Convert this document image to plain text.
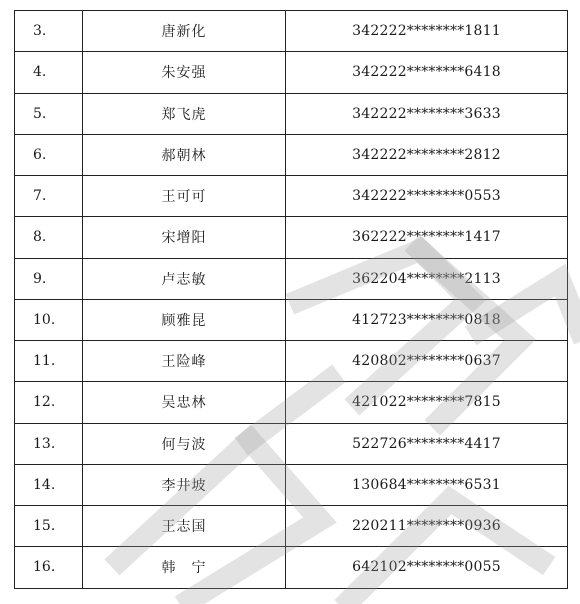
3.	唐新化	342222********1811
4.	朱安强	342222********6418
5.	郑飞虎	342222********3633
6.	郝朝林	342222********2812
7.	王可可	342222********0553
8.	宋增阳	362222********1417
9.	卢志敏	362204********2113
10.	顾雅昆	412723********0818
11.	王险峰	420802********0637
12.	吴忠林	421022********7815
13.	何与波	522726********4417
14.	李井坡	130684********6531
15.	王志国	220211********0936
16.	韩　宁	642102********0055
